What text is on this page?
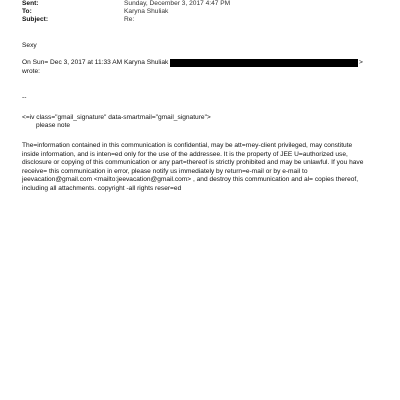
Sent:	Sunday, December 3, 2017 4:47 PM
To:	Karyna Shuliak
Subject:	Re:
Sexy
On Sun= Dec 3, 2017 at 11:33 AM Karyna Shuliak	>
wrote:
--
<=iv class="gmail_signature" data-smartmail="gmail_signature">
please note
The=information contained in this communication is confidential, may be att=rney-client privileged, may constitute
inside information, and is inten=ed only for the use of the addressee. It is the property of JEE U=authorized use,
disclosure or copying of this communication or any part=thereof is strictly prohibited and may be unlawful. If you have
receive= this communication in error, please notify us immediately by return=e-mail or by e-mail to
jeevacation@gmail.com <mailto:jeevacation@gmail.com> , and destroy this communication and al= copies thereof,
including all attachments. copyright -all rights reser=ed
